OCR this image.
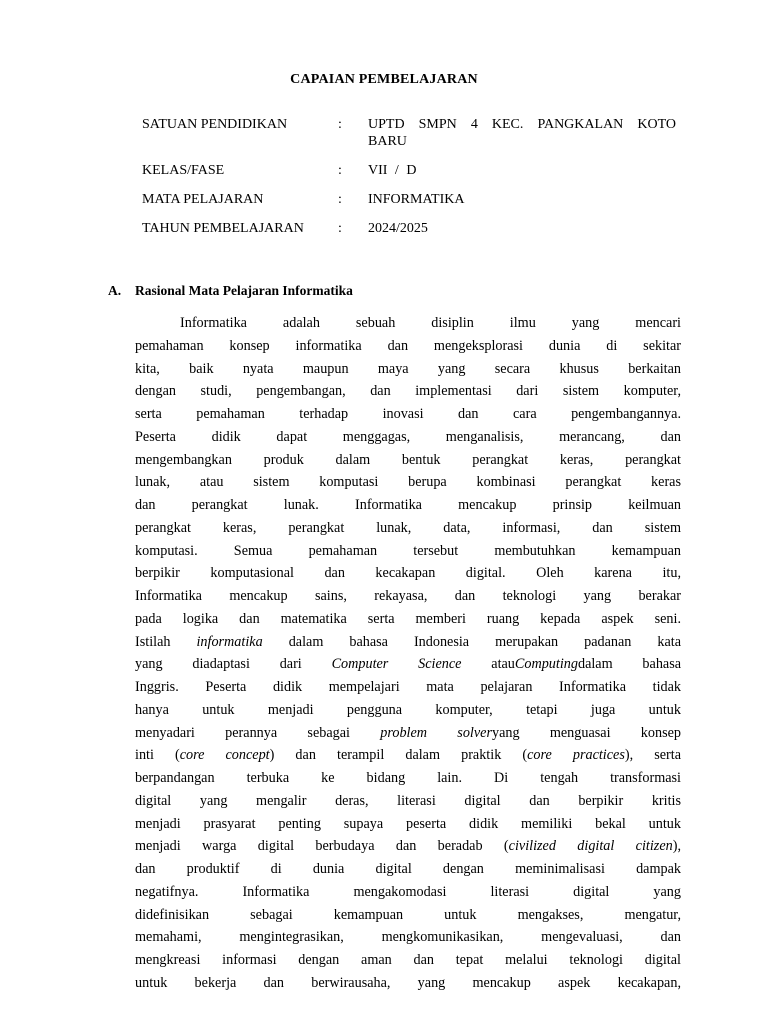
CAPAIAN PEMBELAJARAN
SATUAN PENDIDIKAN	:	UPTD SMPN 4 KEC. PANGKALAN KOTO BARU
KELAS/FASE	:	VII / D
MATA PELAJARAN	:	INFORMATIKA
TAHUN PEMBELAJARAN	:	2024/2025
A.	Rasional Mata Pelajaran Informatika
Informatika adalah sebuah disiplin ilmu yang mencari
pemahaman konsep informatika dan mengeksplorasi dunia di sekitar
kita, baik nyata maupun maya yang secara khusus berkaitan
dengan studi, pengembangan, dan implementasi dari sistem komputer,
serta pemahaman terhadap inovasi dan cara pengembangannya.
Peserta didik dapat menggagas, menganalisis, merancang, dan
mengembangkan produk dalam bentuk perangkat keras, perangkat
lunak, atau sistem komputasi berupa kombinasi perangkat keras
dan perangkat lunak. Informatika mencakup prinsip keilmuan
perangkat keras, perangkat lunak, data, informasi, dan sistem
komputasi. Semua pemahaman tersebut membutuhkan kemampuan
berpikir komputasional dan kecakapan digital. Oleh karena itu,
Informatika mencakup sains, rekayasa, dan teknologi yang berakar
pada logika dan matematika serta memberi ruang kepada aspek seni.
Istilah informatika dalam bahasa Indonesia merupakan padanan kata
yang diadaptasi dari Computer Science atauComputingdalam bahasa
Inggris. Peserta didik mempelajari mata pelajaran Informatika tidak
hanya untuk menjadi pengguna komputer, tetapi juga untuk
menyadari perannya sebagai problem solveryang menguasai konsep
inti (core concept) dan terampil dalam praktik (core practices), serta
berpandangan terbuka ke bidang lain. Di tengah transformasi
digital yang mengalir deras, literasi digital dan berpikir kritis
menjadi prasyarat penting supaya peserta didik memiliki bekal untuk
menjadi warga digital berbudaya dan beradab (civilized digital citizen),
dan produktif di dunia digital dengan meminimalisasi dampak
negatifnya. Informatika mengakomodasi literasi digital yang
didefinisikan sebagai kemampuan untuk mengakses, mengatur,
memahami, mengintegrasikan, mengkomunikasikan, mengevaluasi, dan
mengkreasi informasi dengan aman dan tepat melalui teknologi digital
untuk bekerja dan berwirausaha, yang mencakup aspek kecakapan,
